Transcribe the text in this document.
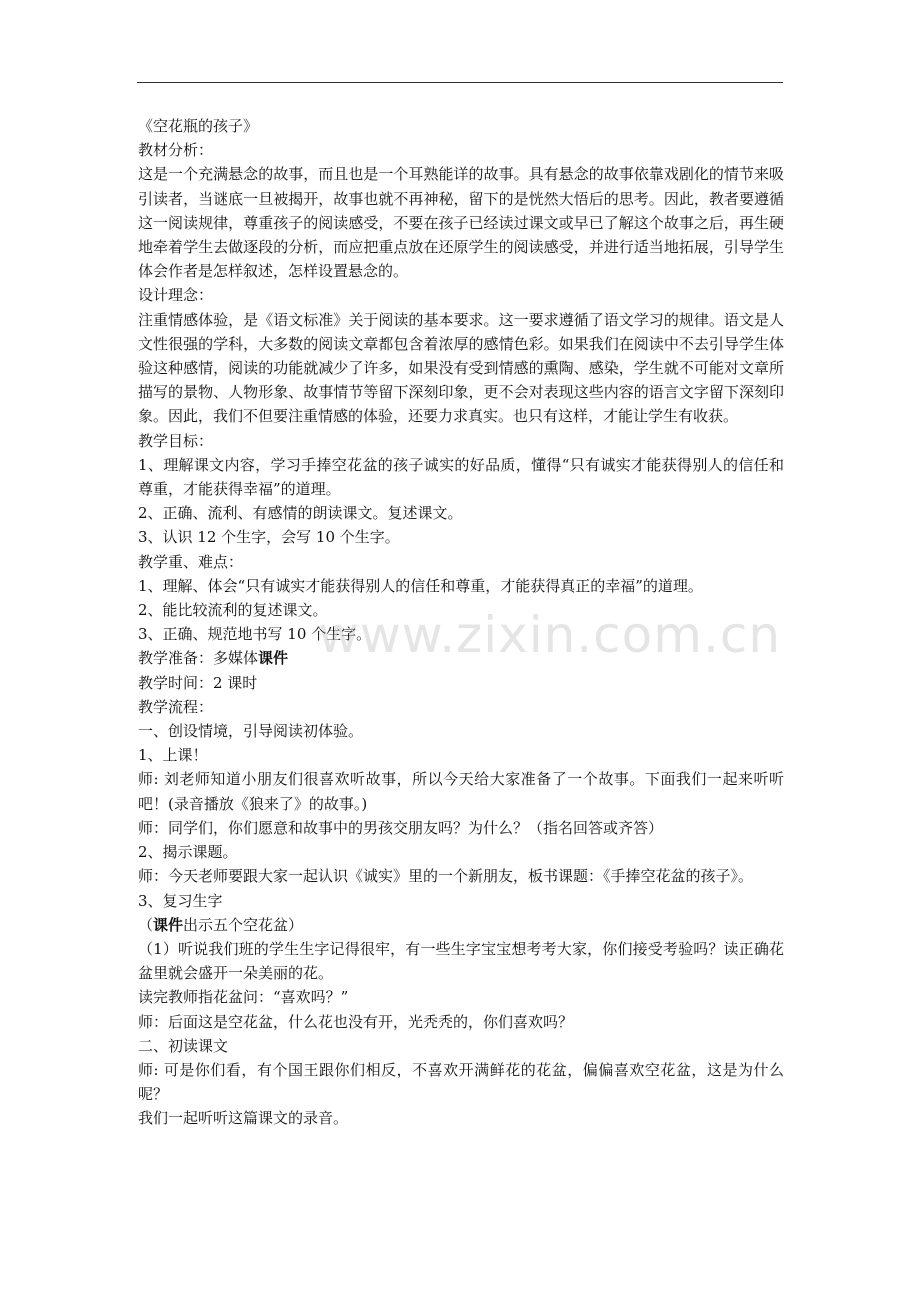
《空花瓶的孩子》

教材分析：

这是一个充满悬念的故事，而且也是一个耳熟能详的故事。具有悬念的故事依靠戏剧化的情节来吸引读者，当谜底一旦被揭开，故事也就不再神秘，留下的是恍然大悟后的思考。因此，教者要遵循这一阅读规律，尊重孩子的阅读感受，不要在孩子已经读过课文或早已了解这个故事之后，再生硬地牵着学生去做逐段的分析，而应把重点放在还原学生的阅读感受，并进行适当地拓展，引导学生体会作者是怎样叙述，怎样设置悬念的。

设计理念：

注重情感体验，是《语文标准》关于阅读的基本要求。这一要求遵循了语文学习的规律。语文是人文性很强的学科，大多数的阅读文章都包含着浓厚的感情色彩。如果我们在阅读中不去引导学生体验这种感情，阅读的功能就减少了许多，如果没有受到情感的熏陶、感染，学生就不可能对文章所描写的景物、人物形象、故事情节等留下深刻印象，更不会对表现这些内容的语言文字留下深刻印象。因此，我们不但要注重情感的体验，还要力求真实。也只有这样，才能让学生有收获。

教学目标：

1、理解课文内容，学习手捧空花盆的孩子诚实的好品质，懂得“只有诚实才能获得别人的信任和尊重，才能获得幸福”的道理。

2、正确、流利、有感情的朗读课文。复述课文。

3、认识 12 个生字，会写 10 个生字。

教学重、难点：

1、理解、体会“只有诚实才能获得别人的信任和尊重，才能获得真正的幸福”的道理。

2、能比较流利的复述课文。

3、正确、规范地书写 10 个生字。

教学准备：多媒体课件

教学时间：2 课时

教学流程：

一、创设情境，引导阅读初体验。

1、上课！

师: 刘老师知道小朋友们很喜欢听故事，所以今天给大家准备了一个故事。下面我们一起来听听吧！(录音播放《狼来了》的故事。)

师：同学们，你们愿意和故事中的男孩交朋友吗？为什么？（指名回答或齐答）

2、揭示课题。

师：今天老师要跟大家一起认识《诚实》里的一个新朋友，板书课题：《手捧空花盆的孩子》。

3、复习生字

（课件出示五个空花盆）

（1）听说我们班的学生生字记得很牢，有一些生字宝宝想考考大家，你们接受考验吗？读正确花盆里就会盛开一朵美丽的花。

读完教师指花盆问：“喜欢吗？”

师：后面这是空花盆，什么花也没有开，光秃秃的，你们喜欢吗？

二、初读课文

师: 可是你们看，有个国王跟你们相反，不喜欢开满鲜花的花盆，偏偏喜欢空花盆，这是为什么呢？

我们一起听听这篇课文的录音。

www.zixin.com.cn
